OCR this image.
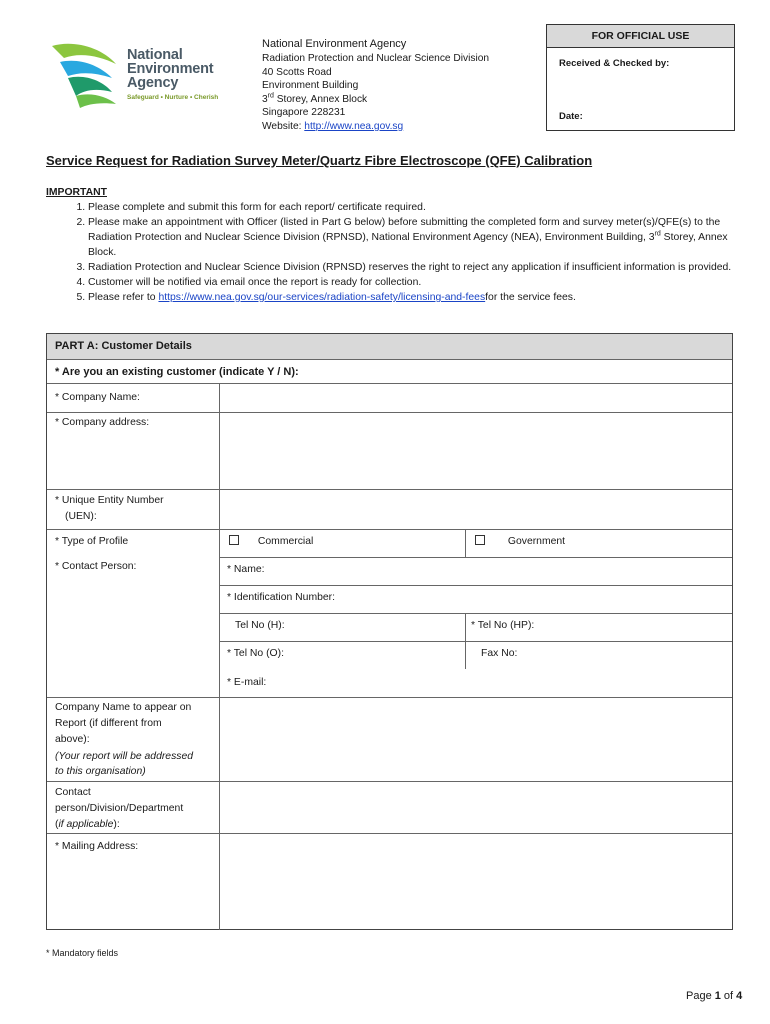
National
Environment
Agency
Safeguard • Nurture • Cherish
National Environment Agency
Radiation Protection and Nuclear Science Division
40 Scotts Road
Environment Building
3rd Storey, Annex Block
Singapore 228231
Website: http://www.nea.gov.sg
FOR OFFICIAL USE
Received & Checked by:
Date:
Service Request for Radiation Survey Meter/Quartz Fibre Electroscope (QFE) Calibration
IMPORTANT
1. Please complete and submit this form for each report/ certificate required.
2. Please make an appointment with Officer (listed in Part G below) before submitting the completed form and survey meter(s)/QFE(s) to the Radiation Protection and Nuclear Science Division (RPNSD), National Environment Agency (NEA), Environment Building, 3rd Storey, Annex Block.
3. Radiation Protection and Nuclear Science Division (RPNSD) reserves the right to reject any application if insufficient information is provided.
4. Customer will be notified via email once the report is ready for collection.
5. Please refer to https://www.nea.gov.sg/our-services/radiation-safety/licensing-and-feesfor the service fees.
PART A: Customer Details
* Are you an existing customer (indicate Y / N):
* Company Name:
* Company address:
* Unique Entity Number
(UEN):
* Type of Profile	Commercial	Government
* Contact Person:	* Name:
* Identification Number:
Tel No (H):	* Tel No (HP):
* Tel No (O):	Fax No:
* E-mail:
Company Name to appear on
Report (if different from
above):
(Your report will be addressed
to this organisation)
Contact
person/Division/Department
(if applicable):
* Mailing Address:
* Mandatory fields
Page 1 of 4
